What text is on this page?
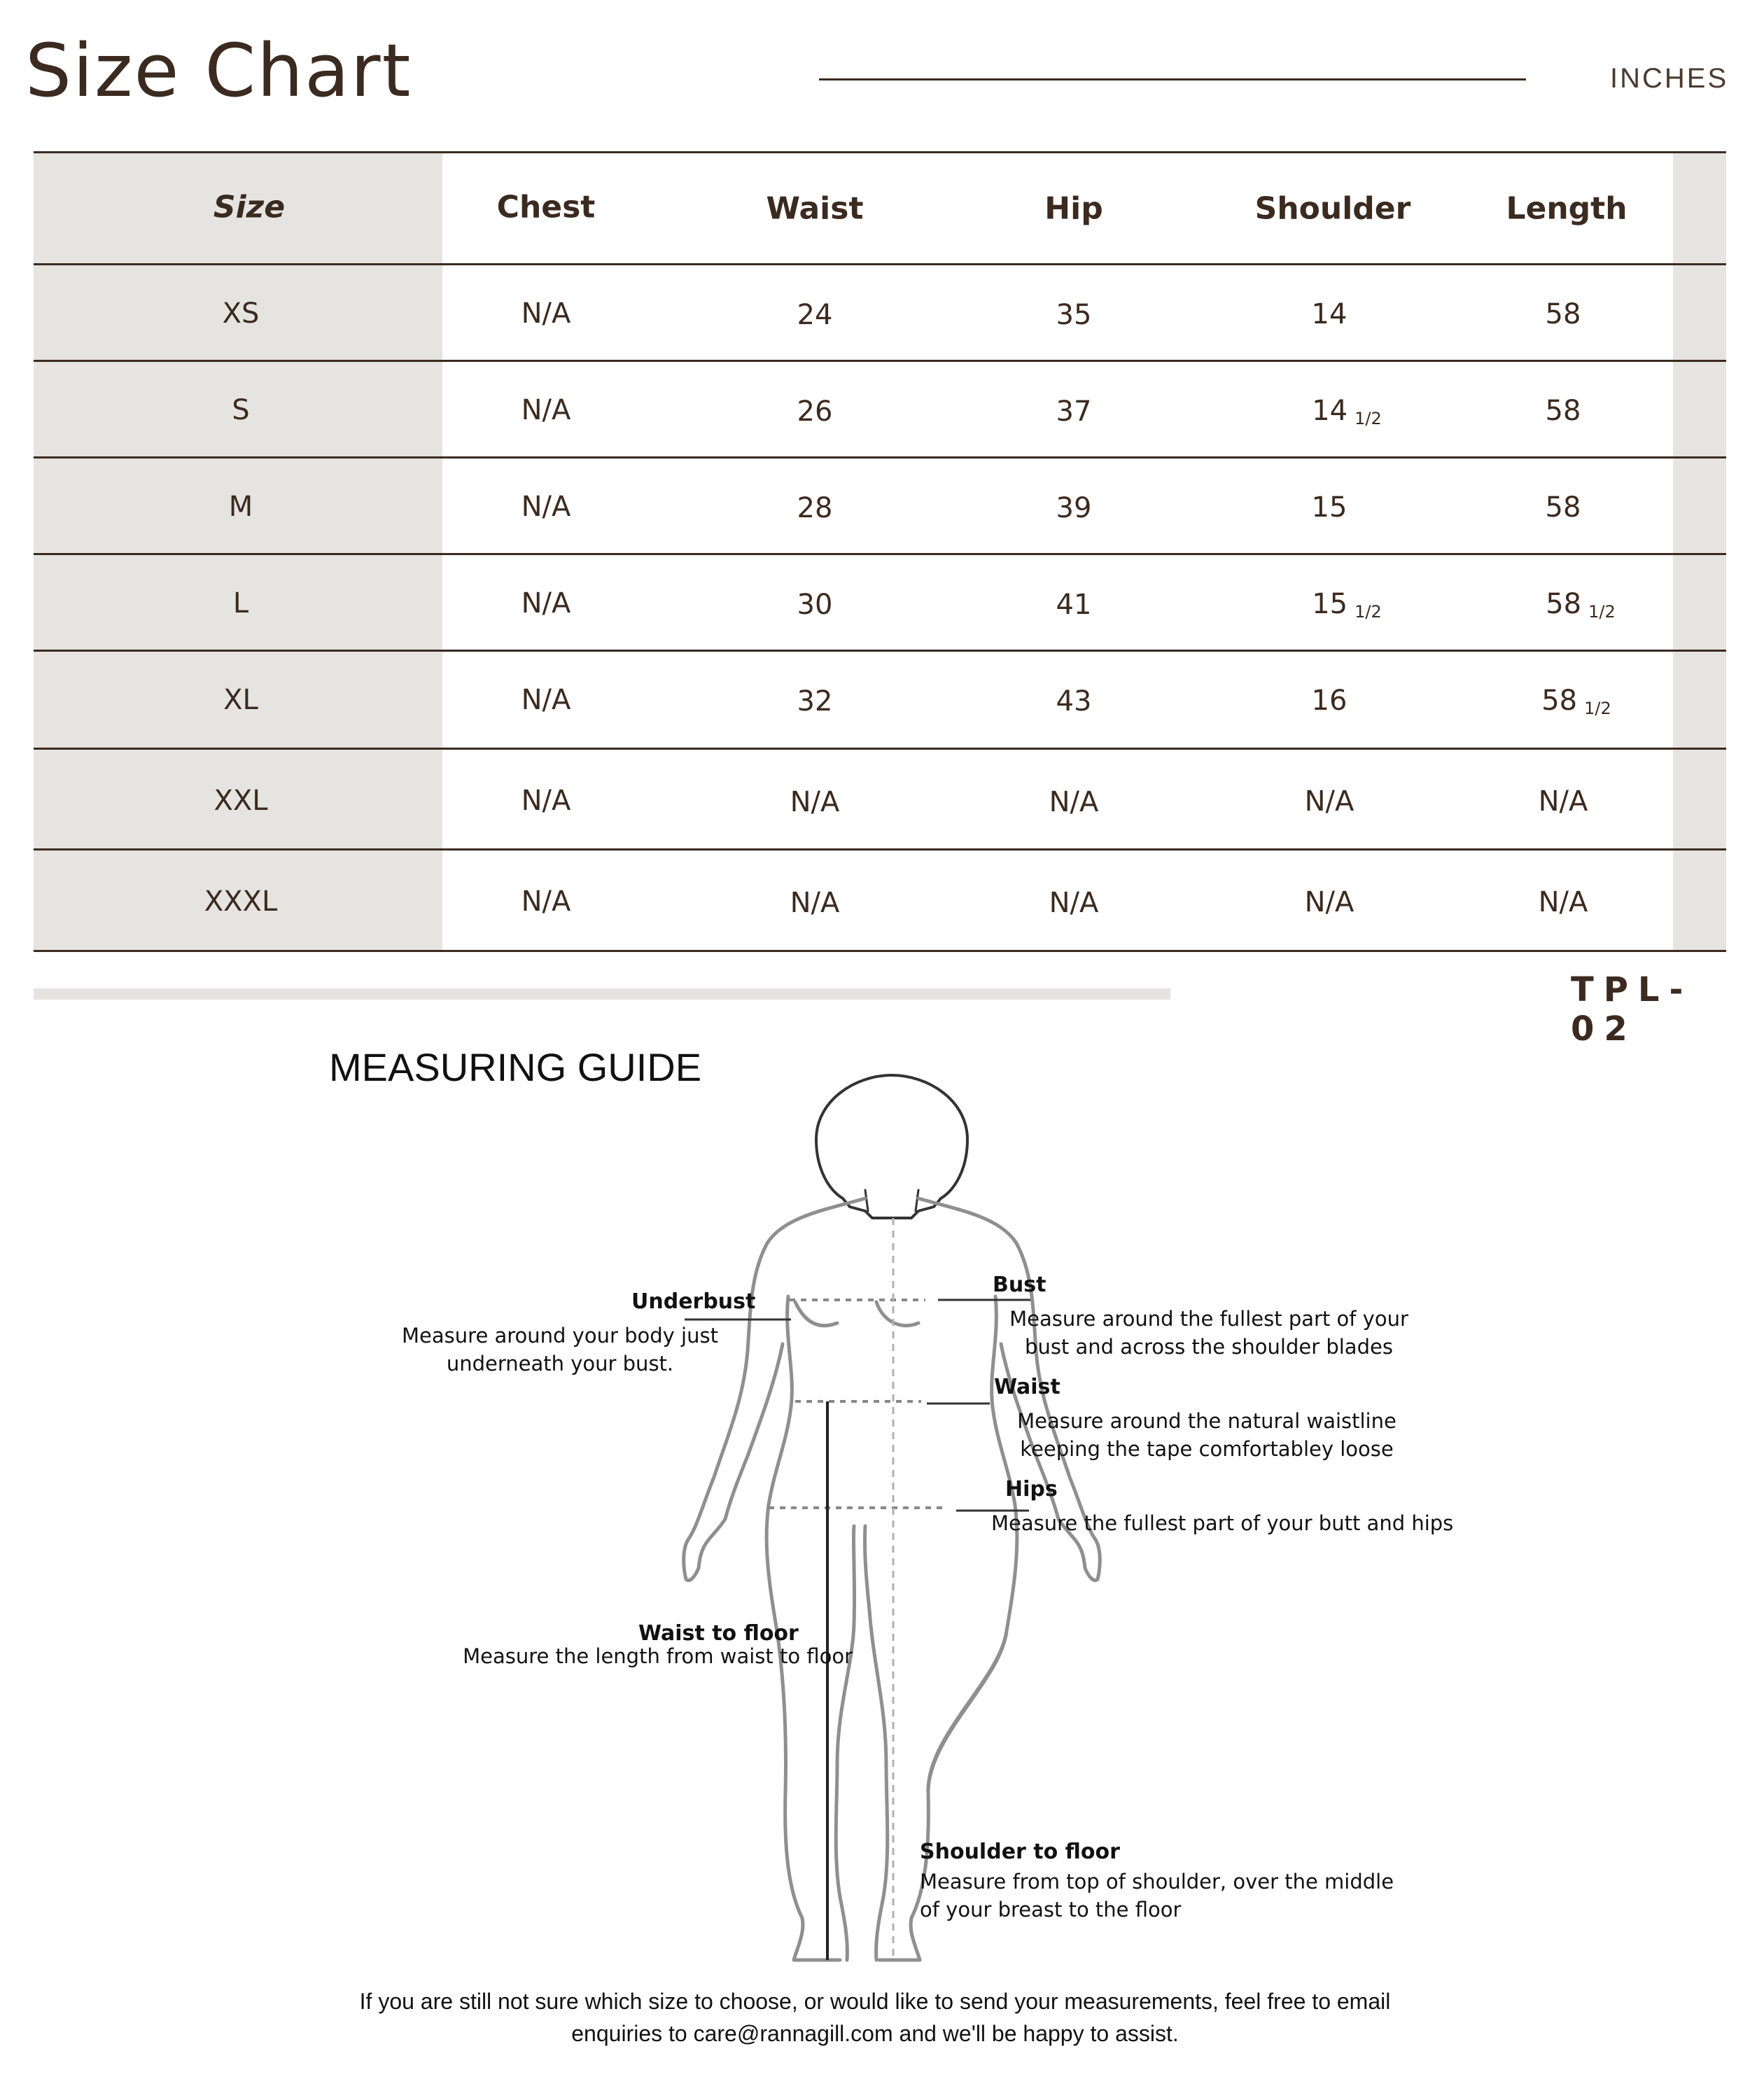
Size Chart	INCHES
Size	Chest	Waist	Hip	Shoulder	Length
XS	N/A	24	35	14	58
S	N/A	26	37	14 1/2	58
M	N/A	28	39	15	58
L	N/A	30	41	15 1/2	58 1/2
XL	N/A	32	43	16	58 1/2
XXL	N/A	N/A	N/A	N/A	N/A
XXXL	N/A	N/A	N/A	N/A	N/A
TPL-02
MEASURING GUIDE
Underbust
Measure around your body just underneath your bust.
Bust
Measure around the fullest part of your bust and across the shoulder blades
Waist
Measure around the natural waistline keeping the tape comfortabley loose
Hips
Measure the fullest part of your butt and hips
Waist to floor
Measure the length from waist to floor
Shoulder to floor
Measure from top of shoulder, over the middle of your breast to the floor
If you are still not sure which size to choose, or would like to send your measurements, feel free to email
enquiries to care@rannagill.com and we'll be happy to assist.
